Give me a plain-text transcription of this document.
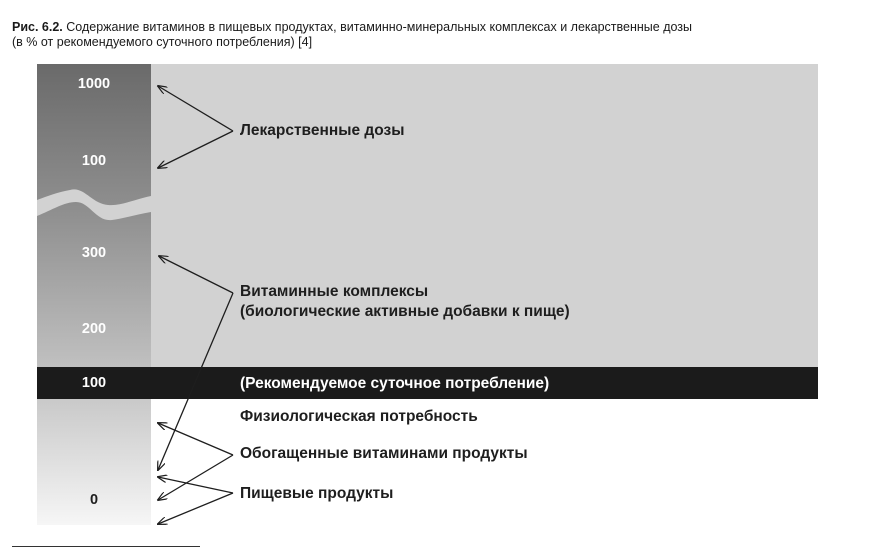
Рис. 6.2. Содержание витаминов в пищевых продуктах, витаминно-минеральных комплексах и лекарственные дозы
(в % от рекомендуемого суточного потребления) [4]
1000
100
300
200
100
0
Лекарственные дозы
Витаминные комплексы
(биологические активные добавки к пище)
(Рекомендуемое суточное потребление)
Физиологическая потребность
Обогащенные витаминами продукты
Пищевые продукты
